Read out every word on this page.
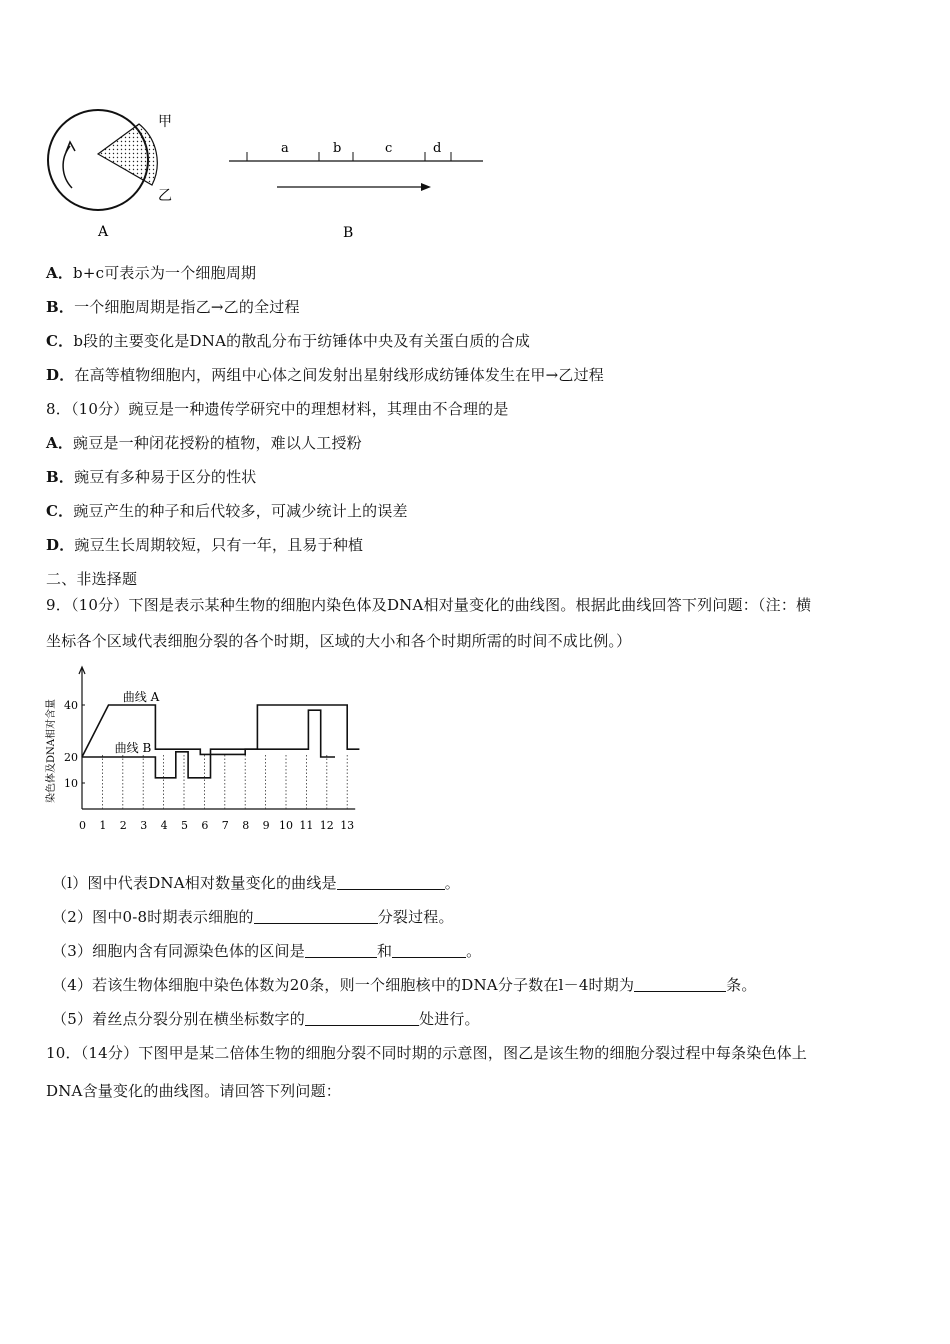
甲
乙
A
a	b	c	d
B
A．b+c可表示为一个细胞周期
B．一个细胞周期是指乙→乙的全过程
C．b段的主要变化是DNA的散乱分布于纺锤体中央及有关蛋白质的合成
D．在高等植物细胞内，两组中心体之间发射出星射线形成纺锤体发生在甲→乙过程
8．（10分）豌豆是一种遗传学研究中的理想材料，其理由不合理的是
A．豌豆是一种闭花授粉的植物，难以人工授粉
B．豌豆有多种易于区分的性状
C．豌豆产生的种子和后代较多，可减少统计上的误差
D．豌豆生长周期较短，只有一年，且易于种植
二、非选择题
9．（10分）下图是表示某种生物的细胞内染色体及DNA相对量变化的曲线图。根据此曲线回答下列问题：（注：横
坐标各个区域代表细胞分裂的各个时期，区域的大小和各个时期所需的时间不成比例。）
染色体及DNA相对含量 10
20
40
0 1 2 3 4 5 6 7 8 9 10 11 12 13
曲线 A
曲线 B
（l）图中代表DNA相对数量变化的曲线是	。
（2）图中0-8时期表示细胞的	分裂过程。
（3）细胞内含有同源染色体的区间是	和	。
（4）若该生物体细胞中染色体数为20条，则一个细胞核中的DNA分子数在l－4时期为	条。
（5）着丝点分裂分别在横坐标数字的	处进行。
10．（14分）下图甲是某二倍体生物的细胞分裂不同时期的示意图，图乙是该生物的细胞分裂过程中每条染色体上
DNA含量变化的曲线图。请回答下列问题：
